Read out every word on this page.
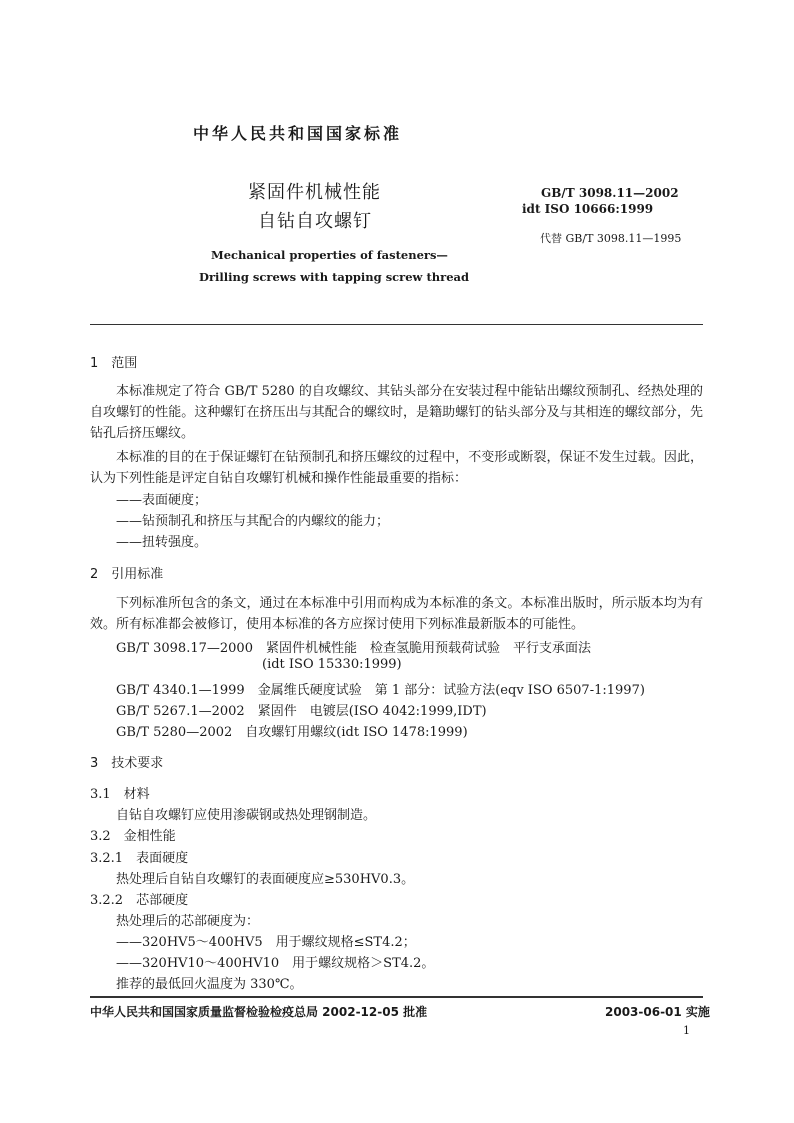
中华人民共和国国家标准
紧固件机械性能
自钻自攻螺钉
GB/T 3098.11—2002
idt ISO 10666:1999
代替 GB/T 3098.11—1995
Mechanical properties of fasteners—
Drilling screws with tapping screw thread
1　范围
本标准规定了符合 GB/T 5280 的自攻螺纹、其钻头部分在安装过程中能钻出螺纹预制孔、经热处理的自攻螺钉的性能。这种螺钉在挤压出与其配合的螺纹时，是籍助螺钉的钻头部分及与其相连的螺纹部分，先钻孔后挤压螺纹。
本标准的目的在于保证螺钉在钻预制孔和挤压螺纹的过程中，不变形或断裂，保证不发生过载。因此，认为下列性能是评定自钻自攻螺钉机械和操作性能最重要的指标：
——表面硬度；
——钻预制孔和挤压与其配合的内螺纹的能力；
——扭转强度。
2　引用标准
下列标准所包含的条文，通过在本标准中引用而构成为本标准的条文。本标准出版时，所示版本均为有效。所有标准都会被修订，使用本标准的各方应探讨使用下列标准最新版本的可能性。
GB/T 3098.17—2000　紧固件机械性能　检查氢脆用预载荷试验　平行支承面法
(idt ISO 15330:1999)
GB/T 4340.1—1999　金属维氏硬度试验　第 1 部分：试验方法(eqv ISO 6507-1:1997)
GB/T 5267.1—2002　紧固件　电镀层(ISO 4042:1999,IDT)
GB/T 5280—2002　自攻螺钉用螺纹(idt ISO 1478:1999)
3　技术要求
3.1　材料
自钻自攻螺钉应使用渗碳钢或热处理钢制造。
3.2　金相性能
3.2.1　表面硬度
热处理后自钻自攻螺钉的表面硬度应≥530HV0.3。
3.2.2　芯部硬度
热处理后的芯部硬度为：
——320HV5～400HV5　用于螺纹规格≤ST4.2；
——320HV10～400HV10　用于螺纹规格＞ST4.2。
推荐的最低回火温度为 330℃。
中华人民共和国国家质量监督检验检疫总局 2002-12-05 批准	2003-06-01 实施
1
